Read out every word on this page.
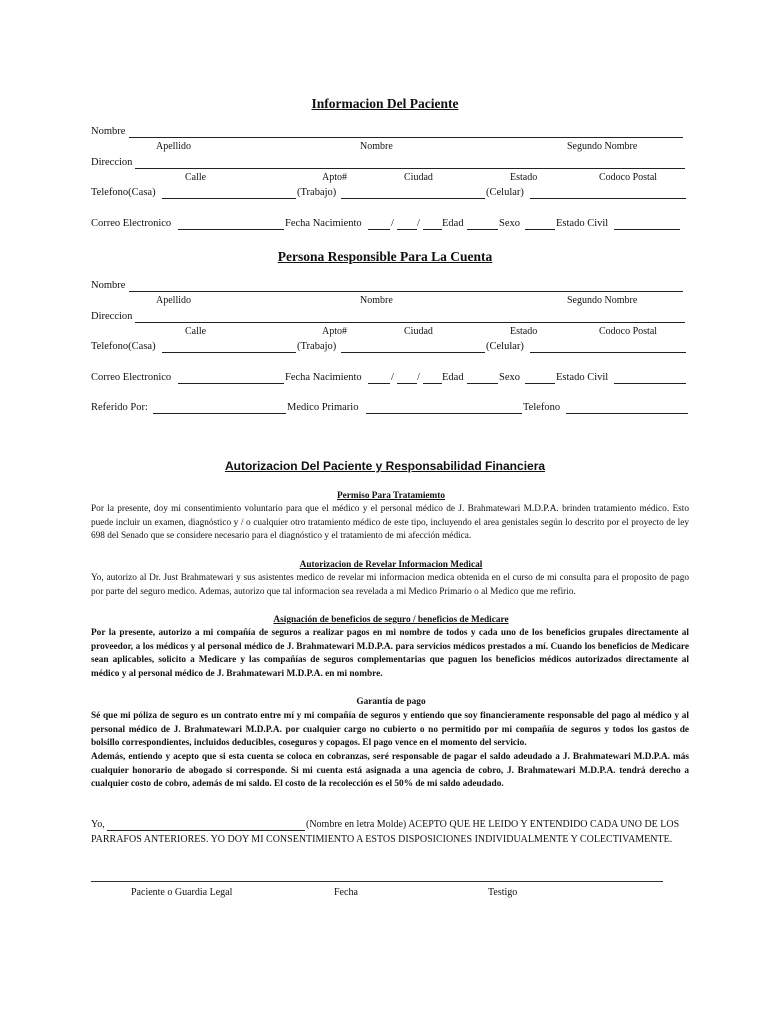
Informacion Del Paciente
Nombre
Apellido	Nombre	Segundo Nombre
Direccion
Calle	Apto#	Ciudad	Estado	Codoco Postal
Telefono(Casa)	(Trabajo)	(Celular)
Correo Electronico	Fecha Nacimiento	/ / Edad	Sexo	Estado Civil
Persona Responsible Para La Cuenta
Nombre
Apellido	Nombre	Segundo Nombre
Direccion
Calle	Apto#	Ciudad	Estado	Codoco Postal
Telefono(Casa)	(Trabajo)	(Celular)
Correo Electronico	Fecha Nacimiento	/ / Edad	Sexo	Estado Civil
Referido Por:	Medico Primario	Telefono
Autorizacion Del Paciente y Responsabilidad Financiera
Permiso Para Tratamiemto
Por la presente, doy mi consentimiento voluntario para que el médico y el personal médico de J. Brahmatewari M.D.P.A. brinden tratamiento médico. Esto puede incluir un examen, diagnóstico y / o cualquier otro tratamiento médico de este tipo, incluyendo el area genistales según lo descrito por el proyecto de ley 698 del Senado que se considere necesario para el diagnóstico y el tratamiento de mi afección médica.
Autorizacion de Revelar Informacion Medical
Yo, autorizo al Dr. Just Brahmatewari y sus asistentes medico de revelar mi informacion medica obtenida en el curso de mi consulta para el proposito de pago por parte del seguro medico. Ademas, autorizo que tal informacion sea revelada a mi Medico Primario o al Medico que me refirio.
Asignación de beneficios de seguro / beneficios de Medicare
Por la presente, autorizo a mi compañía de seguros a realizar pagos en mi nombre de todos y cada uno de los beneficios grupales directamente al proveedor, a los médicos y al personal médico de J. Brahmatewari M.D.P.A. para servicios médicos prestados a mí. Cuando los beneficios de Medicare sean aplicables, solicito a Medicare y las compañías de seguros complementarias que paguen los beneficios médicos autorizados directamente al médico y al personal médico de J. Brahmatewari M.D.P.A. en mi nombre.
Garantía de pago
Sé que mi póliza de seguro es un contrato entre mí y mi compañía de seguros y entiendo que soy financieramente responsable del pago al médico y al personal médico de J. Brahmatewari M.D.P.A. por cualquier cargo no cubierto o no permitido por mi compañía de seguros y todos los gastos de bolsillo correspondientes, incluidos deducibles, coseguros y copagos. El pago vence en el momento del servicio.
Además, entiendo y acepto que si esta cuenta se coloca en cobranzas, seré responsable de pagar el saldo adeudado a J. Brahmatewari M.D.P.A. más cualquier honorario de abogado si corresponde. Si mi cuenta está asignada a una agencia de cobro, J. Brahmatewari M.D.P.A. tendrá derecho a cualquier costo de cobro, además de mi saldo. El costo de la recolección es el 50% de mi saldo adeudado.
Yo,	(Nombre en letra Molde) ACEPTO QUE HE LEIDO Y ENTENDIDO CADA UNO DE LOS
PARRAFOS ANTERIORES. YO DOY MI CONSENTIMIENTO A ESTOS DISPOSICIONES INDIVIDUALMENTE Y COLECTIVAMENTE.
Paciente o Guardia Legal	Fecha	Testigo
